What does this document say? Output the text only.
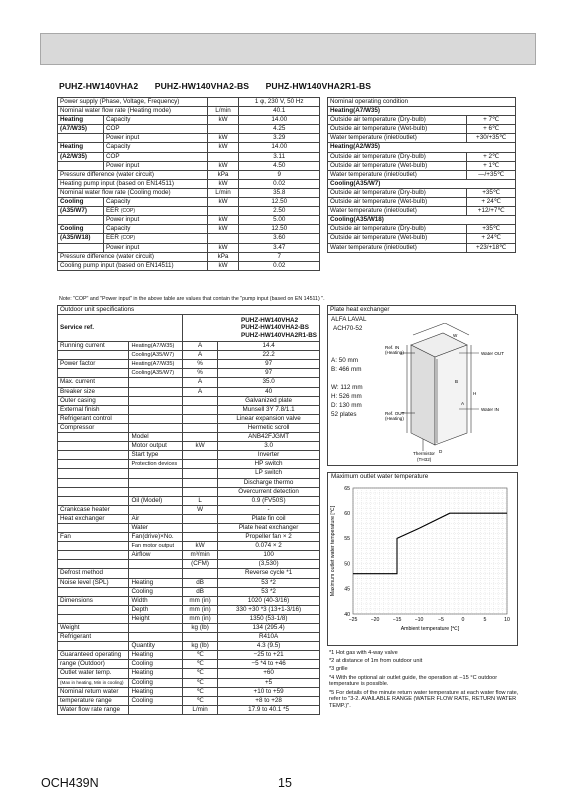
PUHZ-HW140VHA2 PUHZ-HW140VHA2-BS PUHZ-HW140VHA2R1-BS
Power supply (Phase, Voltage, Frequency)			1 φ, 230 V, 50 Hz
Nominal water flow rate (Heating mode)		L/min	40.1
Heating	Capacity	kW	14.00
(A7/W35)	COP		4.25
	Power input	kW	3.29
Heating	Capacity	kW	14.00
(A2/W35)	COP		3.11
	Power input	kW	4.50
Pressure difference (water circuit)		kPa	9
Heating pump input (based on EN14511)		kW	0.02
Nominal water flow rate (Cooling mode)		L/min	35.8
Cooling	Capacity	kW	12.50
(A35/W7)	EER (COP)		2.50
	Power input	kW	5.00
Cooling	Capacity	kW	12.50
(A35/W18)	EER (COP)		3.60
	Power input	kW	3.47
Pressure difference (water circuit)		kPa	7
Cooling pump input (based on EN14511)		kW	0.02
Nominal operating condition	
Heating(A7/W35)	
Outside air temperature (Dry-bulb)	+ 7℃
Outside air temperature (Wet-bulb)	+ 6℃
Water temperature (inlet/outlet)	+30/+35℃
Heating(A2/W35)	
Outside air temperature (Dry-bulb)	+ 2℃
Outside air temperature (Wet-bulb)	+ 1℃
Water temperature (inlet/outlet)	—/+35℃
Cooling(A35/W7)	
Outside air temperature (Dry-bulb)	+35℃
Outside air temperature (Wet-bulb)	+ 24℃
Water temperature (inlet/outlet)	+12/+7℃
Cooling(A35/W18)	
Outside air temperature (Dry-bulb)	+35℃
Outside air temperature (Wet-bulb)	+ 24℃
Water temperature (inlet/outlet)	+23/+18℃
Note: "COP" and "Power input" in the above table are values that contain the "pump input (based on EN 14511) ".
Outdoor unit specifications			
Service ref.		PUHZ-HW140VHA2
PUHZ-HW140VHA2-BS
PUHZ-HW140VHA2R1-BS	

Running current	Heating(A7/W35)	A	14.4
	Cooling(A35/W7)	A	22.2
Power factor	Heating(A7/W35)	%	97
	Cooling(A35/W7)	%	97
Max. current		A	35.0
Breaker size		A	40
Outer casing			Galvanized plate
External finish			Munsell 3Y 7.8/1.1
Refrigerant control			Linear expansion valve
Compressor			Hermetic scroll
	Model		ANB42FJGMT
	Motor output	kW	3.0
	Start type		Inverter
	Protection devices		HP switch
			LP switch
			Discharge thermo
			Overcurrent detection
	Oil (Model)	L	0.9 (FV50S)
Crankcase heater		W	-
Heat exchanger	Air		Plate fin coil
	Water		Plate heat exchanger
Fan	Fan(drive)×No.		Propeller fan × 2
	Fan motor output	kW	0.074 × 2
	Airflow	m³/min	100
		(CFM)	(3,530)
Defrost method			Reverse cycle *1
Noise level (SPL)	Heating	dB	53 *2
	Cooling	dB	53 *2
Dimensions	Width	mm (in)	1020 (40-3/16)
	Depth	mm (in)	330 +30 *3 (13+1-3/16)
	Height	mm (in)	1350 (53-1/8)
Weight		kg (lb)	134 (295.4)
Refrigerant			R410A
	Quantity	kg (lb)	4.3 (9.5)
Guaranteed operating	Heating	℃	−25 to +21
range (Outdoor)	Cooling	℃	−5 *4 to +46
Outlet water temp.	Heating	℃	+60
(Max in heating, Min in cooling)	Cooling	℃	+5
Nominal return water	Heating	℃	+10 to +59
temperature range	Cooling	℃	+8 to +28
Water flow rate range		L/min	17.9 to 40.1 *5
Plate heat exchanger
ALFA LAVAL
ACH70-52
A: 50 mm
B: 466 mm
W: 112 mm
H: 526 mm
D: 130 mm
52 plates
Ref. IN
(Heating)	Water OUT
Ref. OUT
(Heating)
Water IN
Thermistor
(TH32)
W
H
A
B
D
Maximum outlet water temperature
−25	−20	−15	−10	−5	0	5	10
40
45
50
55
60
65
Ambient temperature [℃]
Maximum outlet water temperature [℃]
*1 Hot gas with 4-way valve
*2 at distance of 1m from outdoor unit
*3 grille
*4 With the optional air outlet guide, the operation at −15 °C outdoor temperature is possible.
*5 For details of the minute return water temperature at each water flow rate, refer to "3-2. AVAILABLE RANGE (WATER FLOW RATE, RETURN WATER TEMP.)".
OCH439N	15
